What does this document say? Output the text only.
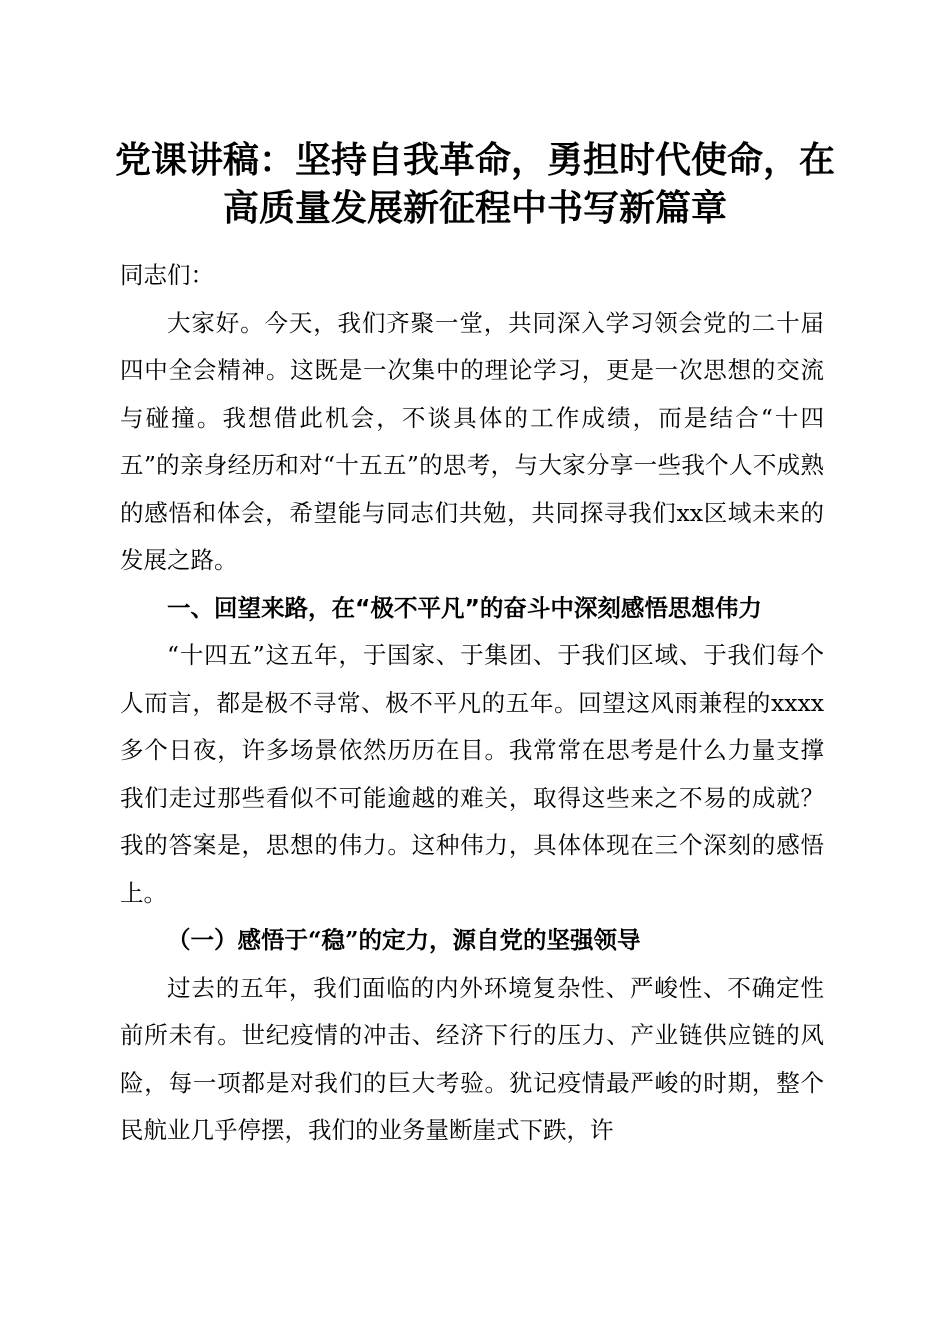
党课讲稿：坚持自我革命，勇担时代使命，在
高质量发展新征程中书写新篇章

同志们：

大家好。今天，我们齐聚一堂，共同深入学习领会党的二十届四中全会精神。这既是一次集中的理论学习，更是一次思想的交流与碰撞。我想借此机会，不谈具体的工作成绩，而是结合“十四五”的亲身经历和对“十五五”的思考，与大家分享一些我个人不成熟的感悟和体会，希望能与同志们共勉，共同探寻我们xx区域未来的发展之路。

一、回望来路，在“极不平凡”的奋斗中深刻感悟思想伟力

“十四五”这五年，于国家、于集团、于我们区域、于我们每个人而言，都是极不寻常、极不平凡的五年。回望这风雨兼程的xxxx多个日夜，许多场景依然历历在目。我常常在思考是什么力量支撑我们走过那些看似不可能逾越的难关，取得这些来之不易的成就？我的答案是，思想的伟力。这种伟力，具体体现在三个深刻的感悟上。

（一）感悟于“稳”的定力，源自党的坚强领导

过去的五年，我们面临的内外环境复杂性、严峻性、不确定性前所未有。世纪疫情的冲击、经济下行的压力、产业链供应链的风险，每一项都是对我们的巨大考验。犹记疫情最严峻的时期，整个民航业几乎停摆，我们的业务量断崖式下跌，许
